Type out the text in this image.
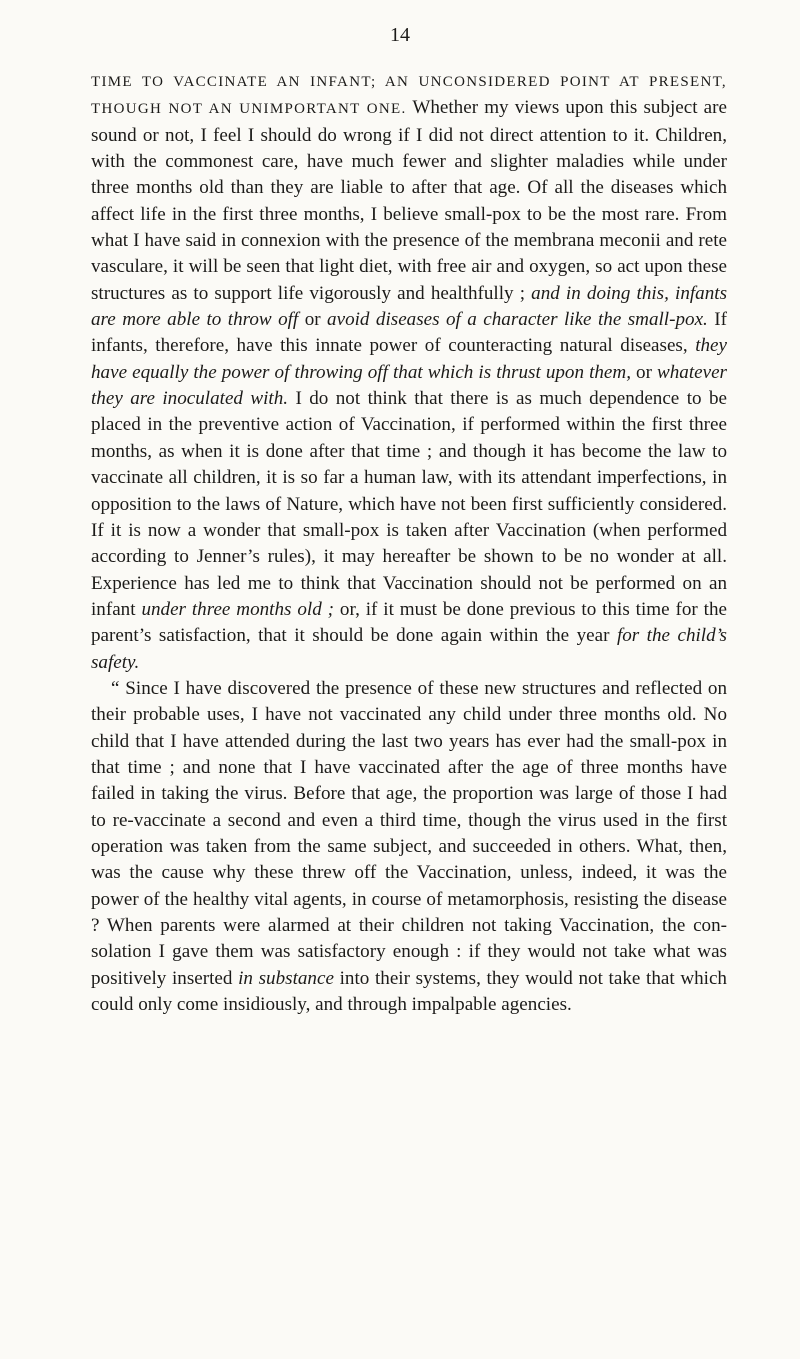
14

TIME TO VACCINATE AN INFANT; AN UNCONSIDERED POINT AT PRESENT, THOUGH NOT AN UNIMPORTANT ONE. Whether my views upon this subject are sound or not, I feel I should do wrong if I did not direct attention to it. Children, with the commonest care, have much fewer and slighter maladies while under three months old than they are liable to after that age. Of all the diseases which affect life in the first three months, I believe small-pox to be the most rare. From what I have said in connexion with the presence of the membrana meconii and rete vasculare, it will be seen that light diet, with free air and oxygen, so act upon these structures as to support life vigorously and healthfully ; and in doing this, infants are more able to throw off or avoid diseases of a character like the small-pox. If infants, therefore, have this innate power of counteracting natural diseases, they have equally the power of throwing off that which is thrust upon them, or whatever they are inoculated with. I do not think that there is as much dependence to be placed in the preventive action of Vaccination, if performed within the first three months, as when it is done after that time ; and though it has become the law to vaccinate all children, it is so far a human law, with its attendant imperfections, in opposition to the laws of Nature, which have not been first sufficiently considered. If it is now a wonder that small-pox is taken after Vaccination (when performed according to Jenner’s rules), it may hereafter be shown to be no wonder at all. Experience has led me to think that Vaccination should not be performed on an infant under three months old ; or, if it must be done previous to this time for the parent’s satisfaction, that it should be done again within the year for the child’s safety.

“ Since I have discovered the presence of these new structures and reflected on their probable uses, I have not vaccinated any child under three months old. No child that I have attended during the last two years has ever had the small-pox in that time ; and none that I have vaccinated after the age of three months have failed in taking the virus. Before that age, the proportion was large of those I had to re-vaccinate a second and even a third time, though the virus used in the first operation was taken from the same subject, and succeeded in others. What, then, was the cause why these threw off the Vaccination, unless, indeed, it was the power of the healthy vital agents, in course of metamorphosis, resisting the disease ? When parents were alarmed at their children not taking Vaccination, the con- solation I gave them was satisfactory enough : if they would not take what was positively inserted in substance into their systems, they would not take that which could only come insidiously, and through impalpable agencies.
